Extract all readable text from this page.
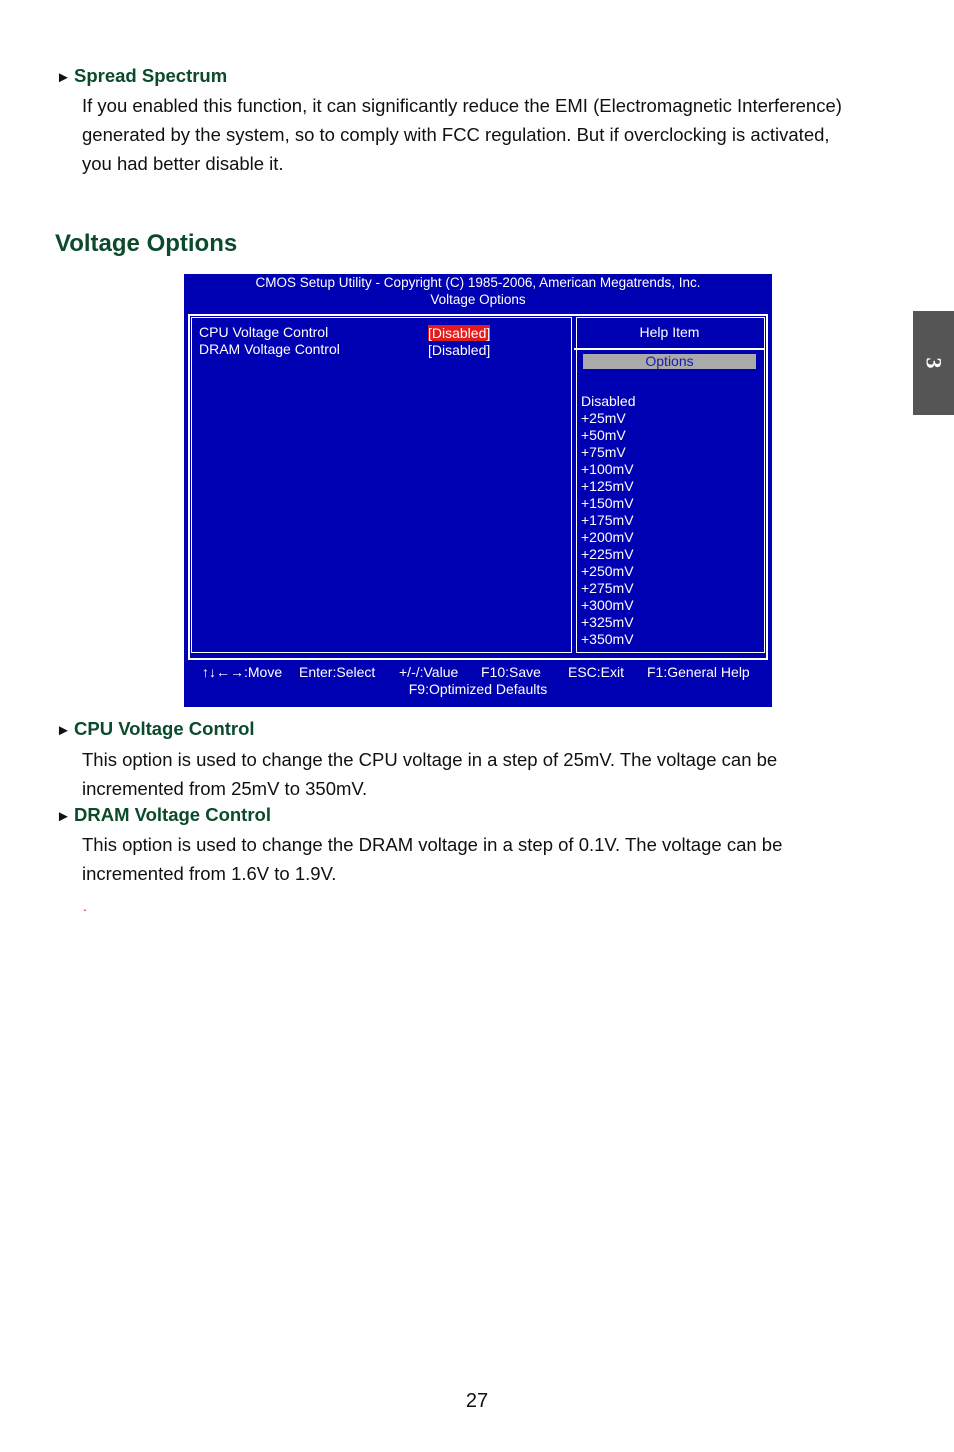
► Spread Spectrum
If you enabled this function, it can significantly reduce the EMI (Electromagnetic Interference)
generated by the system, so to comply with FCC regulation. But if overclocking is activated,
you had better disable it.
Voltage Options
3
CMOS Setup Utility - Copyright (C) 1985-2006, American Megatrends, Inc.
Voltage Options
CPU Voltage Control	[Disabled]
DRAM Voltage Control	[Disabled]
Help Item
Options
Disabled
+25mV
+50mV
+75mV
+100mV
+125mV
+150mV
+175mV
+200mV
+225mV
+250mV
+275mV
+300mV
+325mV
+350mV
↑↓←→:Move Enter:Select +/-/:Value F10:Save ESC:Exit F1:General Help
F9:Optimized Defaults
► CPU Voltage Control
This option is used to change the CPU voltage in a step of 25mV. The voltage can be
incremented from 25mV to 350mV.
► DRAM Voltage Control
This option is used to change the DRAM voltage in a step of 0.1V. The voltage can be
incremented from 1.6V to 1.9V.
.
27
